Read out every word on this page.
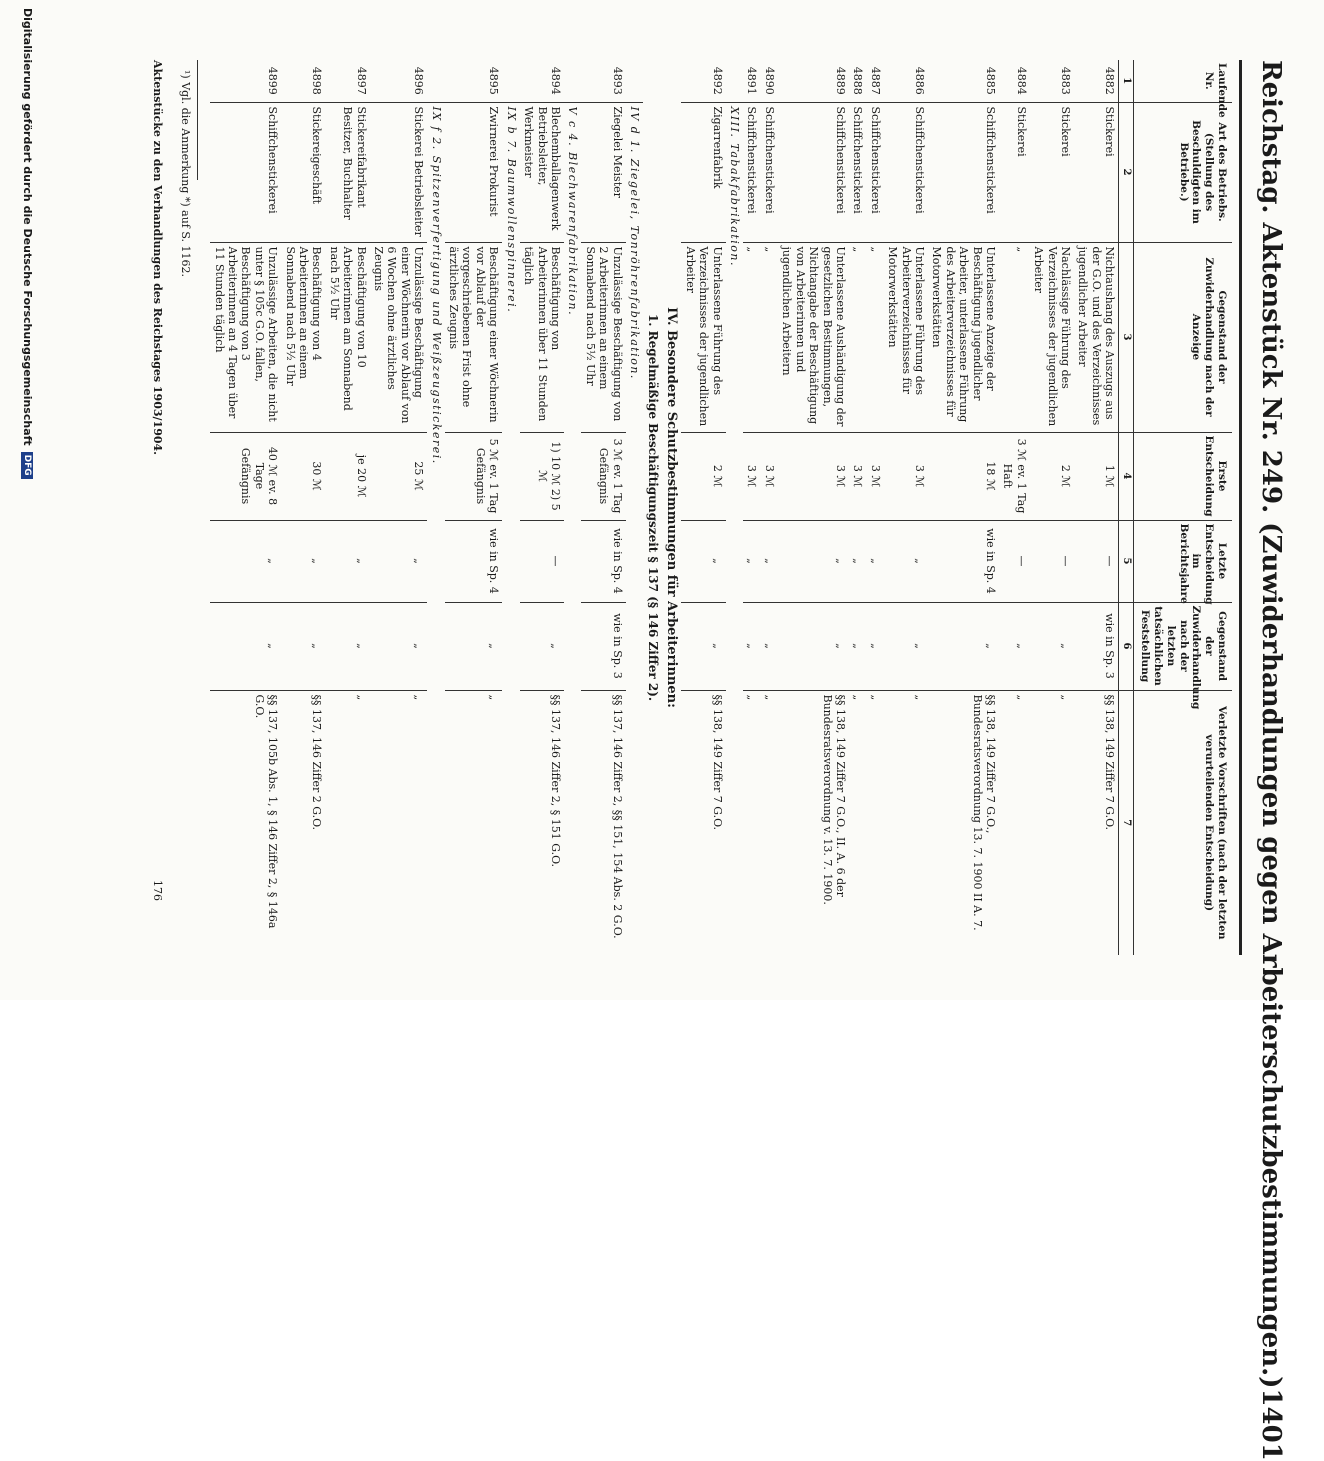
Reichstag. Aktenstück Nr. 249. (Zuwiderhandlungen gegen Arbeiterschutzbestimmungen.)
1401
Laufende Nr.	Art des Betriebs. (Stellung des Beschuldigten im Betriebe.)	Gegenstand der Zuwiderhandlung nach der Anzeige	Erste Entscheidung	Letzte Entscheidung im Berichtsjahre	Gegenstand der Zuwiderhandlung nach der letzten tatsächlichen Feststellung	Verletzte Vorschriften (nach der letzten verurteilenden Entscheidung)
1	2	3	4	5	6	7
4882	Stickerei	Nichtaushang des Auszugs aus der G.O. und des Verzeichnisses jugendlicher Arbeiter	1 ℳ	—	wie in Sp. 3	§§ 138, 149 Ziffer 7 G.O.
4883	Stickerei	Nachlässige Führung des Verzeichnisses der jugendlichen Arbeiter	2 ℳ	—	„	„
4884	Stickerei	„	3 ℳ ev. 1 Tag Haft	—	„	„
4885	Schiffchenstickerei	Unterlassene Anzeige der Beschäftigung jugendlicher Arbeiter, unterlassene Führung des Arbeiterverzeichnisses für Motorwerkstätten	18 ℳ	wie in Sp. 4	„	§§ 138, 149 Ziffer 7 G.O., Bundesratsverordnung 13. 7. 1900 II A. 7.
4886	Schiffchenstickerei	Unterlassene Führung des Arbeiterverzeichnisses für Motorwerkstätten	3 ℳ	„	„	„
4887	Schiffchenstickerei	„	3 ℳ	„	„	„
4888	Schiffchenstickerei	„	3 ℳ	„	„	„
4889	Schiffchenstickerei	Unterlassene Aushändigung der gesetzlichen Bestimmungen, Nichtangabe der Beschäftigung von Arbeiterinnen und jugendlichen Arbeitern	3 ℳ	„	„	§§ 138, 149 Ziffer 7 G.O., II. A. 6 der Bundesratsverordnung v. 13. 7. 1900.
4890	Schiffchenstickerei	„	3 ℳ	„	„	„
4891	Schiffchenstickerei	„	3 ℳ	„	„	„
	XIII. Tabakfabrikation.					
4892	Zigarrenfabrik	Unterlassene Führung des Verzeichnisses der jugendlichen Arbeiter	2 ℳ	„	„	§§ 138, 149 Ziffer 7 G.O.
IV. Besondere Schutzbestimmungen für Arbeiterinnen:						
1. Regelmäßige Beschäftigungszeit § 137 (§ 146 Ziffer 2).						
	IV d 1. Ziegelei, Tonröhrenfabrikation.					
4893	Ziegelei Meister	Unzulässige Beschäftigung von 2 Arbeiterinnen an einem Sonnabend nach 5½ Uhr	3 ℳ ev. 1 Tag Gefängnis	wie in Sp. 4	wie in Sp. 3	§§ 137, 146 Ziffer 2, §§ 151, 154 Abs. 2 G.O.
	V c 4. Blechwarenfabrikation.					
4894	Blechemballagenwerk Betriebsleiter, Werkmeister	Beschäftigung von Arbeiterinnen über 11 Stunden täglich	1) 10 ℳ 2) 5 ℳ	—	„	§§ 137, 146 Ziffer 2, § 151 G.O.
	IX b 7. Baumwollenspinnerei.					
4895	Zwirnerei Prokurist	Beschäftigung einer Wöchnerin vor Ablauf der vorgeschriebenen Frist ohne ärztliches Zeugnis	5 ℳ ev. 1 Tag Gefängnis	wie in Sp. 4	„	„
	IX f 2. Spitzenverfertigung und Weißzeugstickerei.					
4896	Stickerei Betriebsleiter	Unzulässige Beschäftigung einer Wöchnerin vor Ablauf von 6 Wochen ohne ärztliches Zeugnis	25 ℳ	„	„	„
4897	Stickereifabrikant Besitzer, Buchhalter	Beschäftigung von 10 Arbeiterinnen am Sonnabend nach 5½ Uhr	je 20 ℳ	„	„	„
4898	Stickereigeschäft	Beschäftigung von 4 Arbeiterinnen an einem Sonnabend nach 5½ Uhr	30 ℳ	„	„	§§ 137, 146 Ziffer 2 G.O.
4899	Schiffchenstickerei	Unzulässige Arbeiten, die nicht unter § 105c G.O. fallen, Beschäftigung von 3 Arbeiterinnen an 4 Tagen über 11 Stunden täglich	40 ℳ ev. 8 Tage Gefängnis	„	„	§§ 137, 105b Abs. 1, § 146 Ziffer 2, § 146a G.O.
¹) Vgl. die Anmerkung *) auf S. 1162.
Aktenstücke zu den Verhandlungen des Reichstages 1903/1904.
176
Digitalisierung gefördert durch die Deutsche Forschungsgemeinschaft
DFG
